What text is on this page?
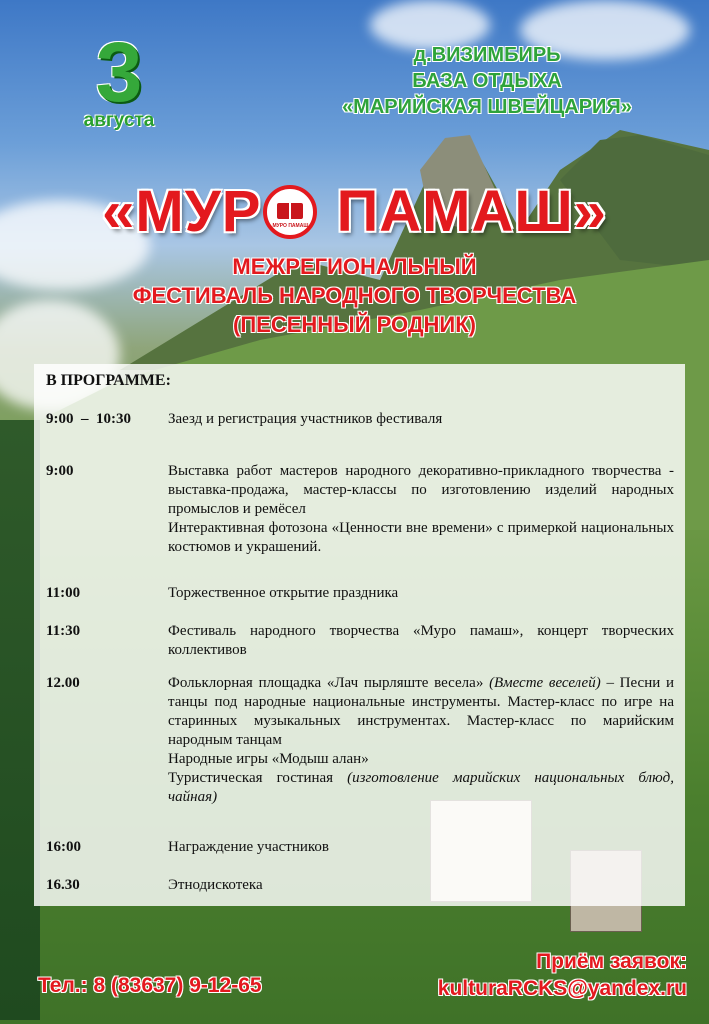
3
августа
д.ВИЗИМБИРЬ
БАЗА ОТДЫХА
«МАРИЙСКАЯ ШВЕЙЦАРИЯ»
«МУР	МУРО ПАМАШ ПАМАШ»
МЕЖРЕГИОНАЛЬНЫЙ
ФЕСТИВАЛЬ НАРОДНОГО ТВОРЧЕСТВА
(ПЕСЕННЫЙ РОДНИК)
В ПРОГРАММЕ:
9:00  –  10:30	Заезд и регистрация участников фестиваля

9:00	Выставка работ мастеров народного декоративно-прикладного творчества - выставка-продажа, мастер-классы по изготовлению изделий народных промыслов и ремёсел

Интерактивная фотозона «Ценности вне времени» с примеркой национальных костюмов и украшений.

11:00	Торжественное открытие праздника

11:30	Фестиваль народного творчества «Муро памаш», концерт творческих коллективов

12.00	Фольклорная площадка «Лач пырляште весела» (Вместе веселей) – Песни и танцы под народные национальные инструменты. Мастер-класс по игре на старинных музыкальных инструментах. Мастер-класс по марийским народным танцам

Народные игры «Модыш алан»

Туристическая гостиная (изготовление марийских национальных блюд, чайная)

16:00	Награждение участников

16.30	Этнодискотека

Тел.: 8 (83637) 9-12-65
Приём заявок:
kulturaRCKS@yandex.ru
